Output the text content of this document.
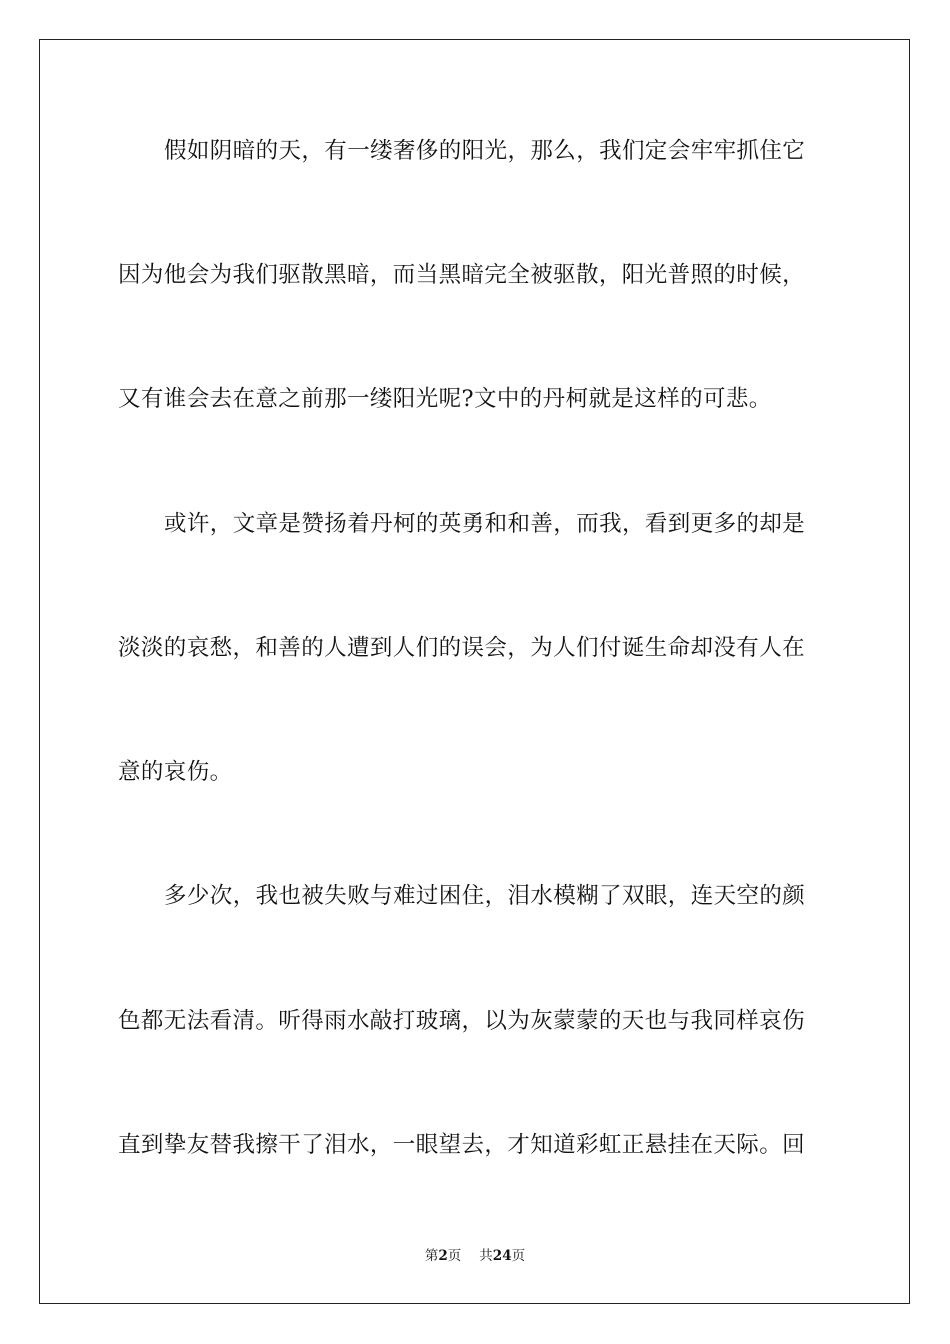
假如阴暗的天，有一缕奢侈的阳光，那么，我们定会牢牢抓住它
因为他会为我们驱散黑暗，而当黑暗完全被驱散，阳光普照的时候，
又有谁会去在意之前那一缕阳光呢?文中的丹柯就是这样的可悲。
或许，文章是赞扬着丹柯的英勇和和善，而我，看到更多的却是
淡淡的哀愁，和善的人遭到人们的误会，为人们付诞生命却没有人在
意的哀伤。
多少次，我也被失败与难过困住，泪水模糊了双眼，连天空的颜
色都无法看清。听得雨水敲打玻璃，以为灰蒙蒙的天也与我同样哀伤
直到挚友替我擦干了泪水，一眼望去，才知道彩虹正悬挂在天际。回
第2页 共24页
